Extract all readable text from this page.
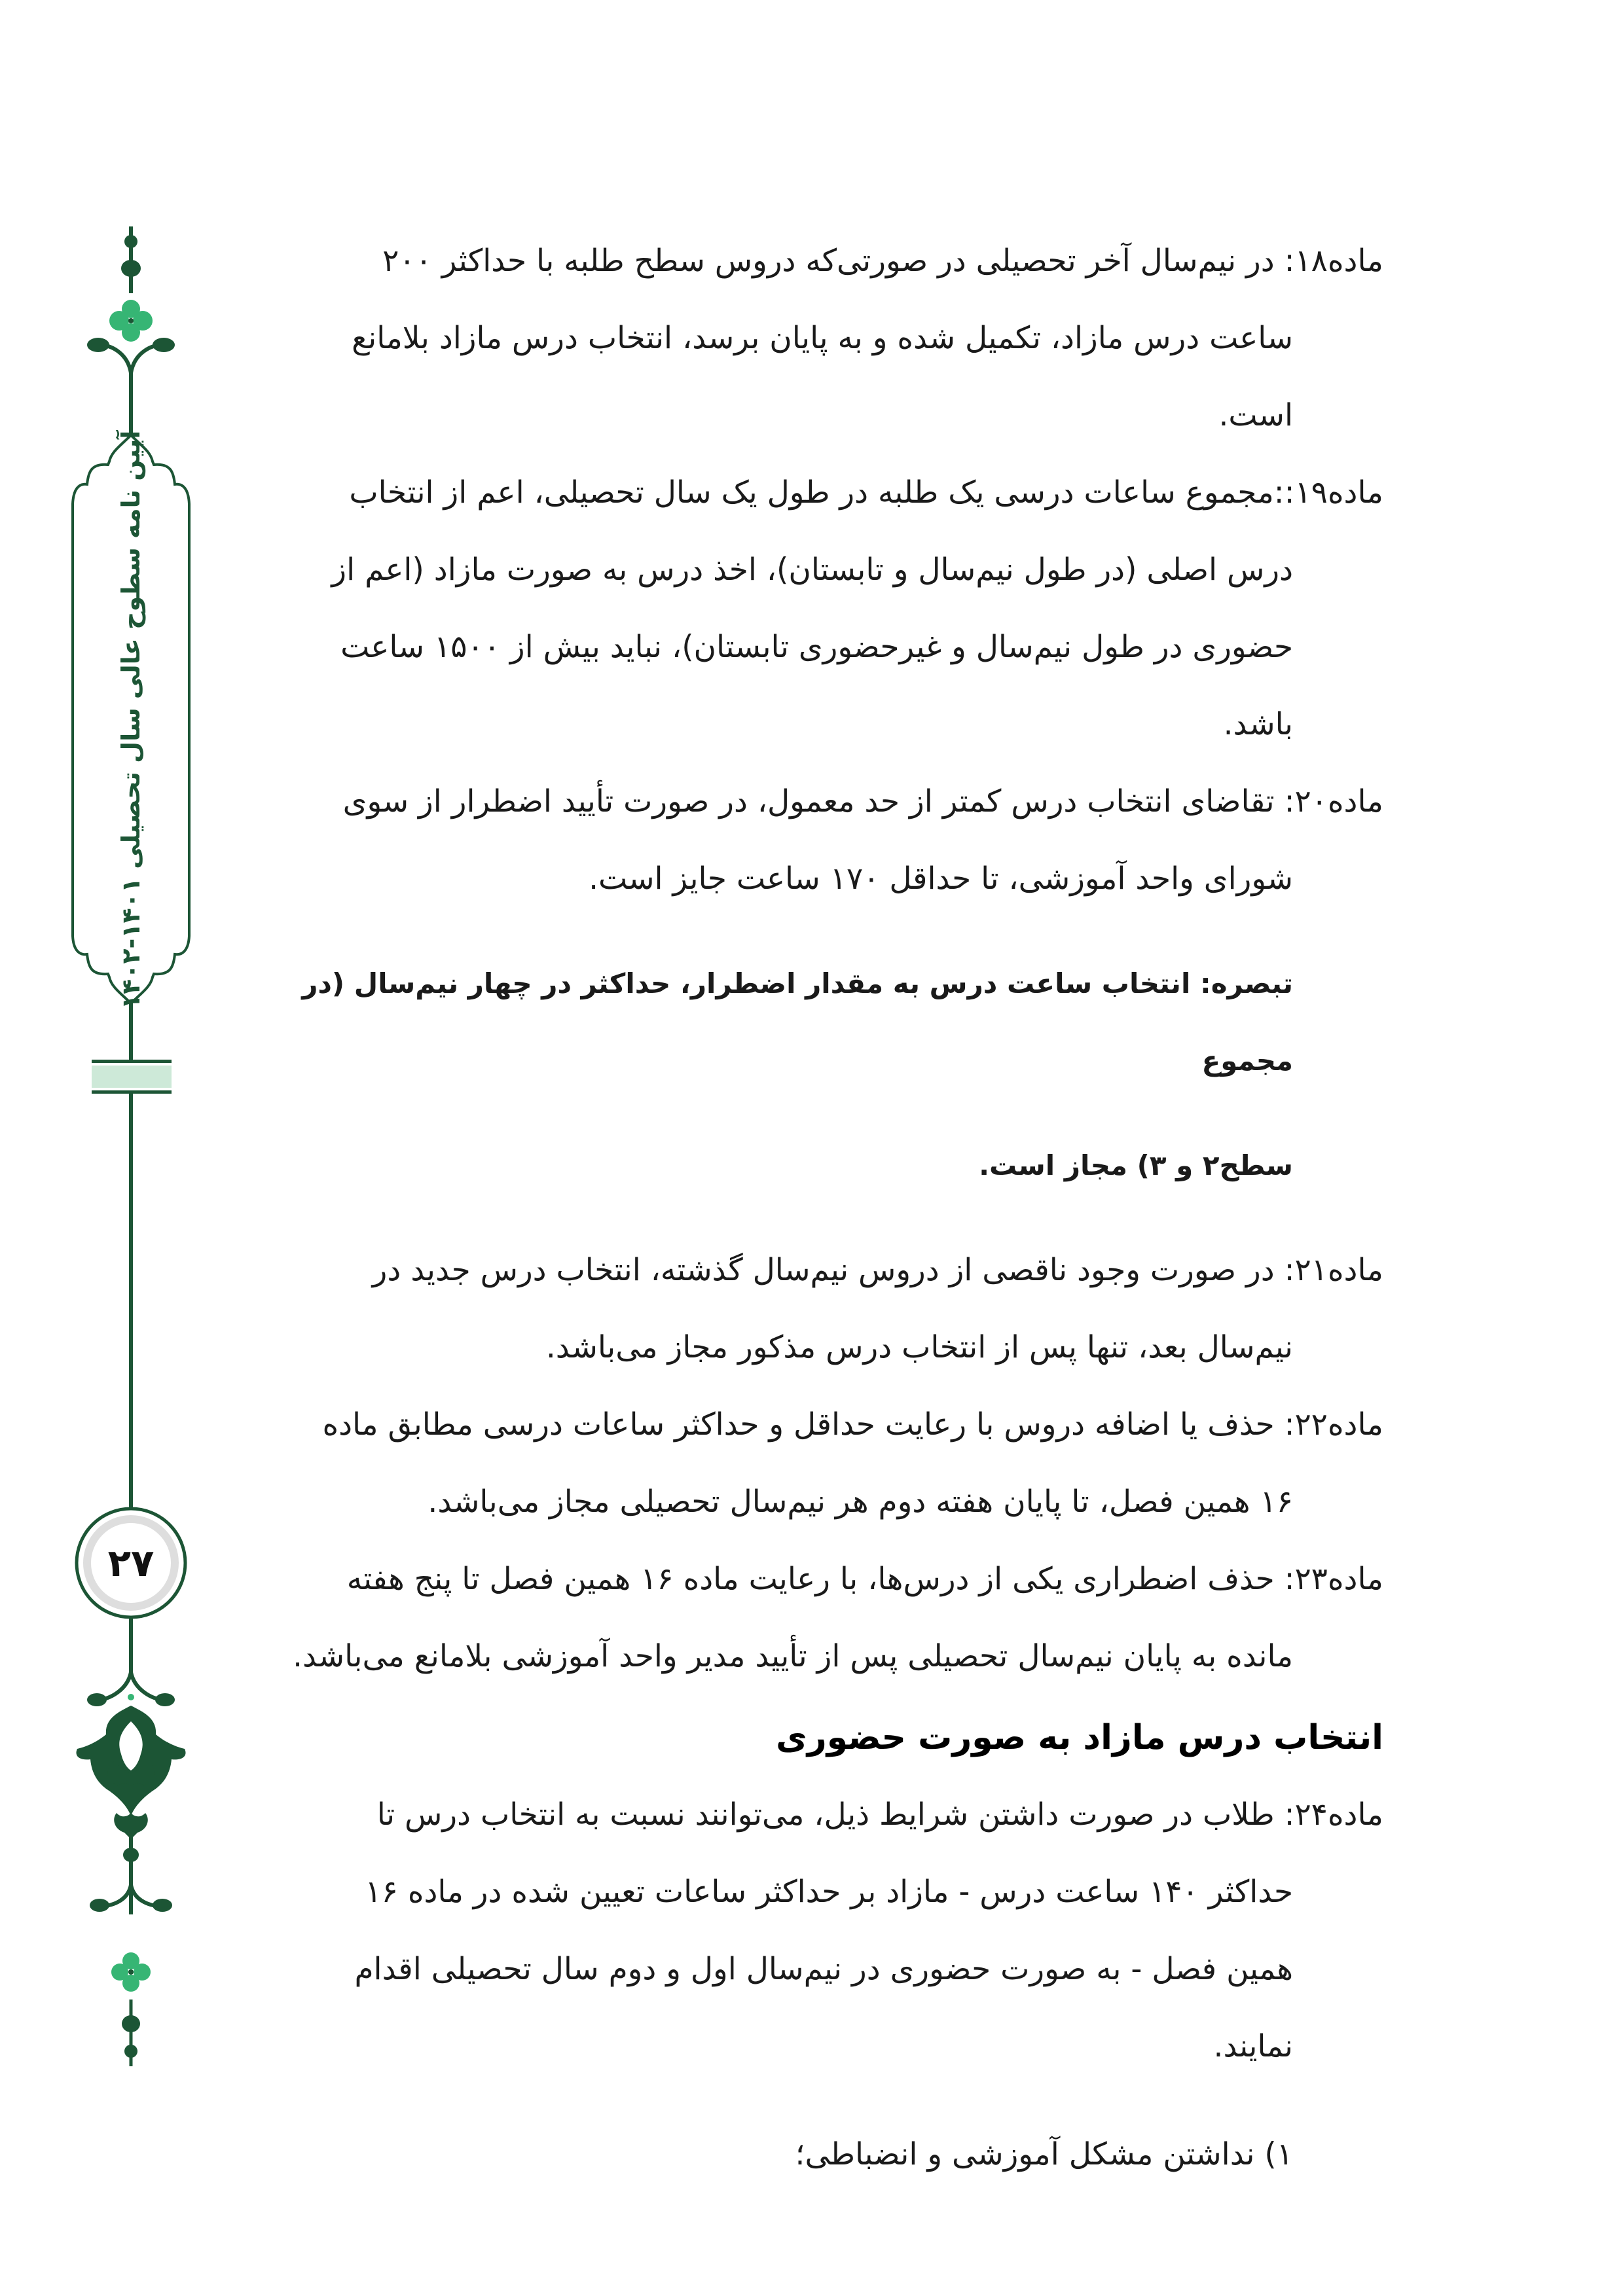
آیین نامه سطوح عالی سال تحصیلی ۱۴۰۱-۱۴۰۲
۲۷

ماده۱۸: در نیم‌سال آخر تحصیلی در صورتی‌که دروس سطح طلبه با حداکثر ۲۰۰

ساعت درس مازاد، تکمیل شده و به پایان برسد، انتخاب درس مازاد بلامانع

است.

ماده۱۹::مجموع ساعات درسی یک طلبه در طول یک سال تحصیلی، اعم از انتخاب

درس اصلی (در طول نیم‌سال و تابستان)، اخذ درس به صورت مازاد (اعم از

حضوری در طول نیم‌سال و غیرحضوری تابستان)، نباید بیش از ۱۵۰۰ ساعت

باشد.

ماده۲۰: تقاضای انتخاب درس کمتر از حد معمول، در صورت تأیید اضطرار از سوی

شورای واحد آموزشی، تا حداقل ۱۷۰ ساعت جایز است.

تبصره: انتخاب ساعت درس به مقدار اضطرار، حداکثر در چهار نیم‌سال (در مجموع

سطح۲ و ۳) مجاز است.

ماده۲۱: در صورت وجود ناقصی از دروس نیم‌سال گذشته، انتخاب درس جدید در

نیم‌سال بعد، تنها پس از انتخاب درس مذکور مجاز می‌باشد.

ماده۲۲: حذف یا اضافه دروس با رعایت حداقل و حداکثر ساعات درسی مطابق ماده

۱۶ همین فصل، تا پایان هفته دوم هر نیم‌سال تحصیلی مجاز می‌باشد.

ماده۲۳: حذف اضطراری یکی از درس‌ها، با رعایت ماده ۱۶ همین فصل تا پنج هفته

مانده به پایان نیم‌سال تحصیلی پس از تأیید مدیر واحد آموزشی بلامانع می‌باشد.

انتخاب درس مازاد به صورت حضوری

ماده۲۴: طلاب در صورت داشتن شرایط ذیل، می‌توانند نسبت به انتخاب درس تا

حداکثر ۱۴۰ ساعت درس - مازاد بر حداکثر ساعات تعیین شده در ماده ۱۶

همین فصل - به صورت حضوری در نیم‌سال اول و دوم سال تحصیلی اقدام

نمایند.

۱) نداشتن مشکل آموزشی و انضباطی؛
